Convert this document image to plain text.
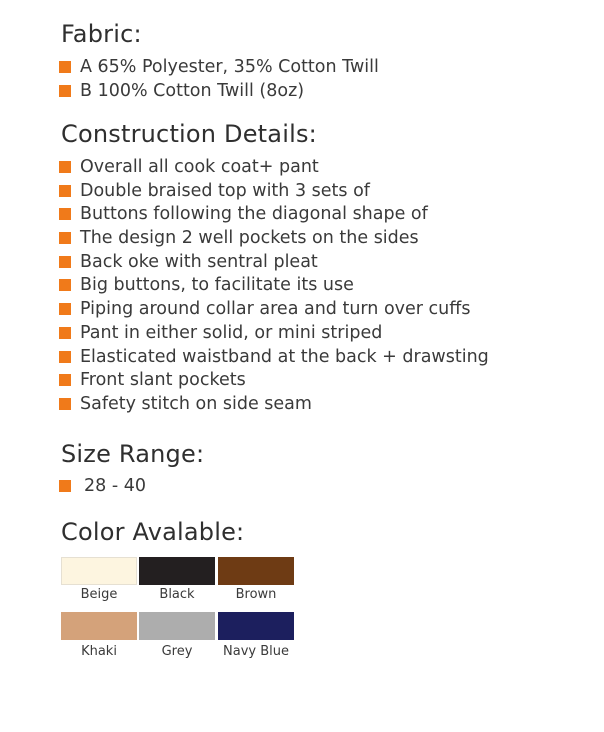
Fabric:
A 65% Polyester, 35% Cotton Twill
B 100% Cotton Twill (8oz)
Construction Details:
Overall all cook coat+ pant
Double braised top with 3 sets of
Buttons following the diagonal shape of
The design 2 well pockets on the sides
Back oke with sentral pleat
Big buttons, to facilitate its use
Piping around collar area and turn over cuffs
Pant in either solid, or mini striped
Elasticated waistband at the back + drawsting
Front slant pockets
Safety stitch on side seam
Size Range:
28 - 40
Color Avalable:
Beige	Black	Brown
Khaki	Grey	Navy Blue
